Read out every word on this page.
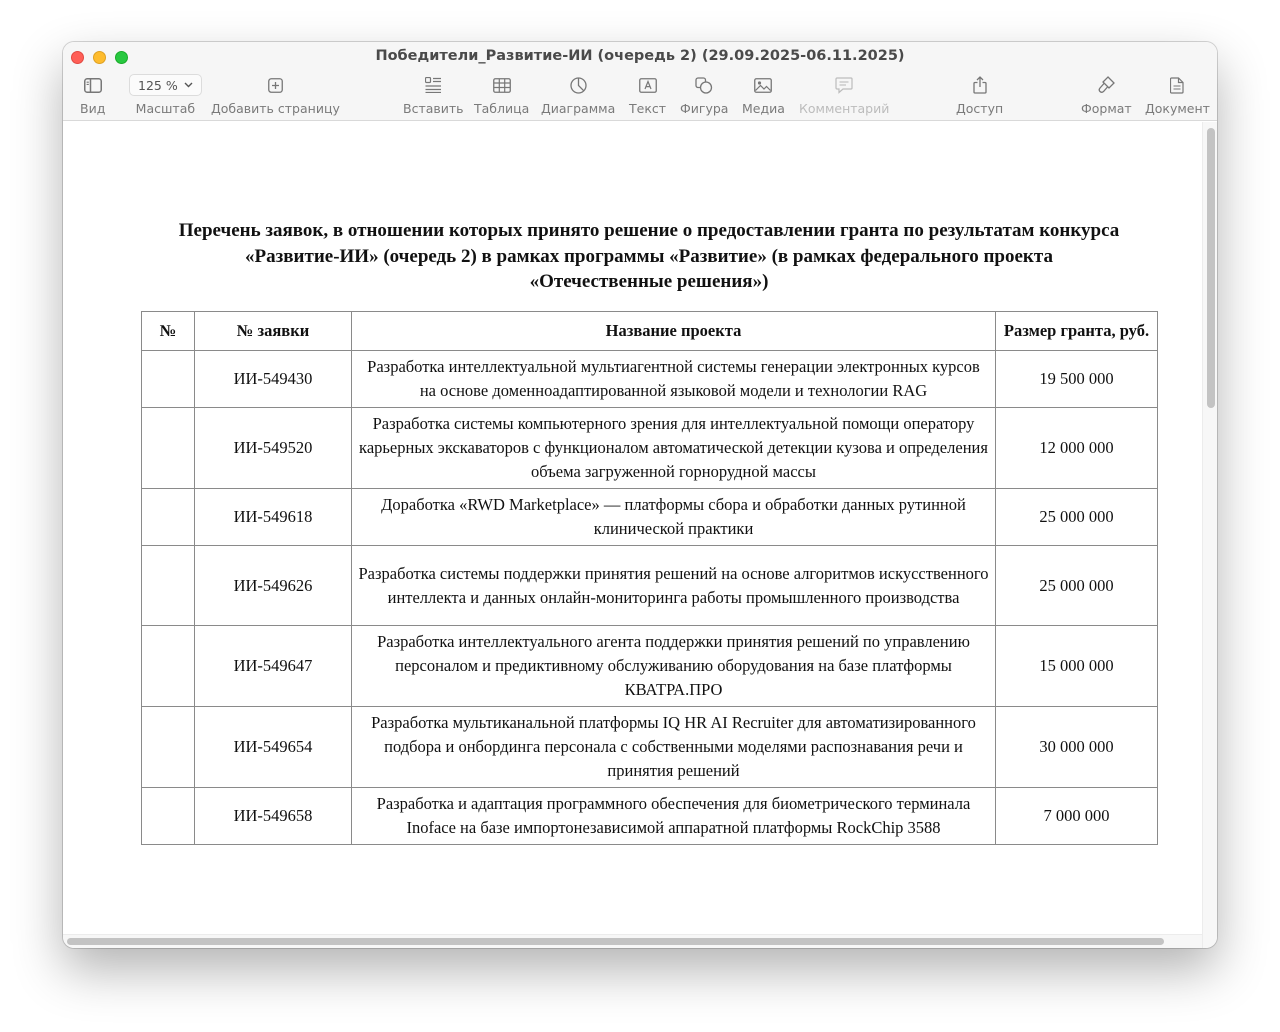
Победители_Развитие-ИИ (очередь 2) (29.09.2025-06.11.2025)
Вид
125 %
Масштаб Добавить страницу	Вставить Таблица Диаграмма Текст Фигура Медиа Комментарий	Доступ	Формат Документ
Перечень заявок, в отношении которых принято решение о предоставлении гранта по результатам конкурса
«Развитие-ИИ» (очередь 2) в рамках программы «Развитие» (в рамках федерального проекта
«Отечественные решения»)
№	№ заявки	Название проекта	Размер гранта, руб.
	ИИ-549430	Разработка интеллектуальной мультиагентной системы генерации электронных курсов на основе доменноадаптированной языковой модели и технологии RAG	19 500 000
	ИИ-549520	Разработка системы компьютерного зрения для интеллектуальной помощи оператору карьерных экскаваторов с функционалом автоматической детекции кузова и определения объема загруженной горнорудной массы	12 000 000
	ИИ-549618	Доработка «RWD Marketplace» — платформы сбора и обработки данных рутинной клинической практики	25 000 000
	ИИ-549626	Разработка системы поддержки принятия решений на основе алгоритмов искусственного интеллекта и данных онлайн-мониторинга работы промышленного производства	25 000 000
	ИИ-549647	Разработка интеллектуального агента поддержки принятия решений по управлению персоналом и предиктивному обслуживанию оборудования на базе платформы КВАТРА.ПРО	15 000 000
	ИИ-549654	Разработка мультиканальной платформы IQ HR AI Recruiter для автоматизированного подбора и онбординга персонала с собственными моделями распознавания речи и принятия решений	30 000 000
	ИИ-549658	Разработка и адаптация программного обеспечения для биометрического терминала Inoface на базе импортонезависимой аппаратной платформы RockChip 3588	7 000 000
